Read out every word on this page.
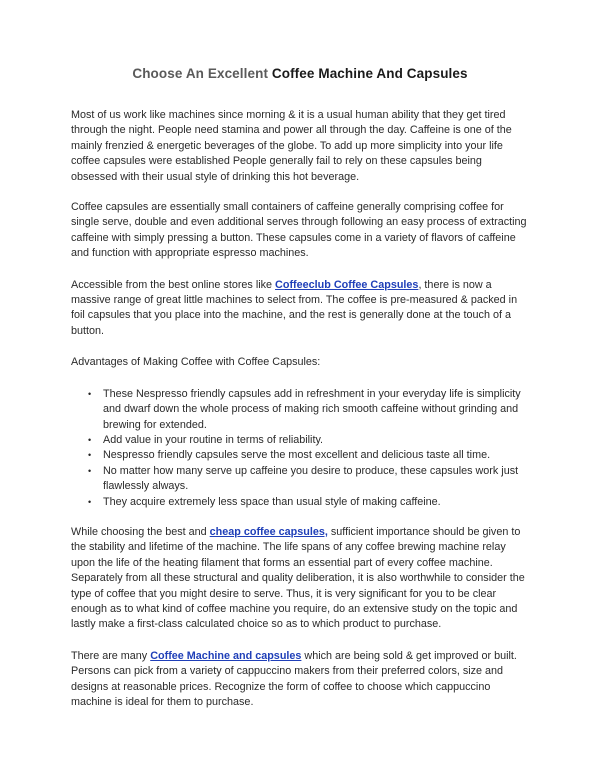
Choose An Excellent Coffee Machine And Capsules

Most of us work like machines since morning & it is a usual human ability that they get tired through the night. People need stamina and power all through the day. Caffeine is one of the mainly frenzied & energetic beverages of the globe. To add up more simplicity into your life coffee capsules were established People generally fail to rely on these capsules being obsessed with their usual style of drinking this hot beverage.

Coffee capsules are essentially small containers of caffeine generally comprising coffee for single serve, double and even additional serves through following an easy process of extracting caffeine with simply pressing a button. These capsules come in a variety of flavors of caffeine and function with appropriate espresso machines.

Accessible from the best online stores like Coffeeclub Coffee Capsules, there is now a massive range of great little machines to select from. The coffee is pre-measured & packed in foil capsules that you place into the machine, and the rest is generally done at the touch of a button.

Advantages of Making Coffee with Coffee Capsules:

• These Nespresso friendly capsules add in refreshment in your everyday life is simplicity and dwarf down the whole process of making rich smooth caffeine without grinding and brewing for extended.
• Add value in your routine in terms of reliability.
• Nespresso friendly capsules serve the most excellent and delicious taste all time.
• No matter how many serve up caffeine you desire to produce, these capsules work just flawlessly always.
• They acquire extremely less space than usual style of making caffeine.

While choosing the best and cheap coffee capsules, sufficient importance should be given to the stability and lifetime of the machine. The life spans of any coffee brewing machine relay upon the life of the heating filament that forms an essential part of every coffee machine. Separately from all these structural and quality deliberation, it is also worthwhile to consider the type of coffee that you might desire to serve. Thus, it is very significant for you to be clear enough as to what kind of coffee machine you require, do an extensive study on the topic and lastly make a first-class calculated choice so as to which product to purchase.

There are many Coffee Machine and capsules which are being sold & get improved or built. Persons can pick from a variety of cappuccino makers from their preferred colors, size and designs at reasonable prices. Recognize the form of coffee to choose which cappuccino machine is ideal for them to purchase.
